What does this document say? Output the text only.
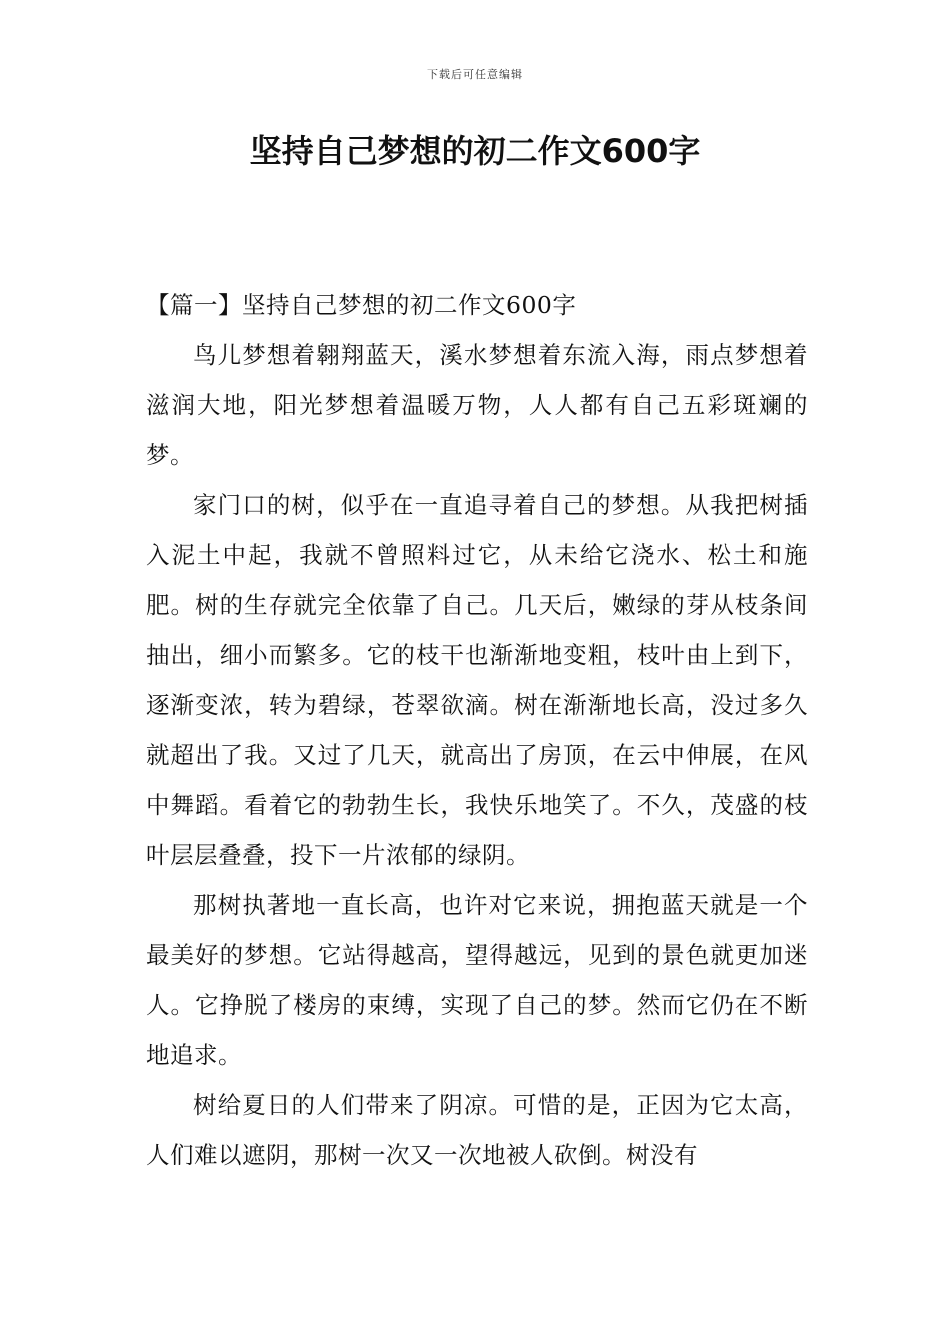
下载后可任意编辑
坚持自己梦想的初二作文600字

【篇一】坚持自己梦想的初二作文600字

鸟儿梦想着翱翔蓝天，溪水梦想着东流入海，雨点梦想着滋润大地，阳光梦想着温暖万物，人人都有自己五彩斑斓的梦。

家门口的树，似乎在一直追寻着自己的梦想。从我把树插入泥土中起，我就不曾照料过它，从未给它浇水、松土和施肥。树的生存就完全依靠了自己。几天后，嫩绿的芽从枝条间抽出，细小而繁多。它的枝干也渐渐地变粗，枝叶由上到下，逐渐变浓，转为碧绿，苍翠欲滴。树在渐渐地长高，没过多久就超出了我。又过了几天，就高出了房顶，在云中伸展，在风中舞蹈。看着它的勃勃生长，我快乐地笑了。不久，茂盛的枝叶层层叠叠，投下一片浓郁的绿阴。

那树执著地一直长高，也许对它来说，拥抱蓝天就是一个最美好的梦想。它站得越高，望得越远，见到的景色就更加迷人。它挣脱了楼房的束缚，实现了自己的梦。然而它仍在不断地追求。

树给夏日的人们带来了阴凉。可惜的是，正因为它太高，人们难以遮阴，那树一次又一次地被人砍倒。树没有
